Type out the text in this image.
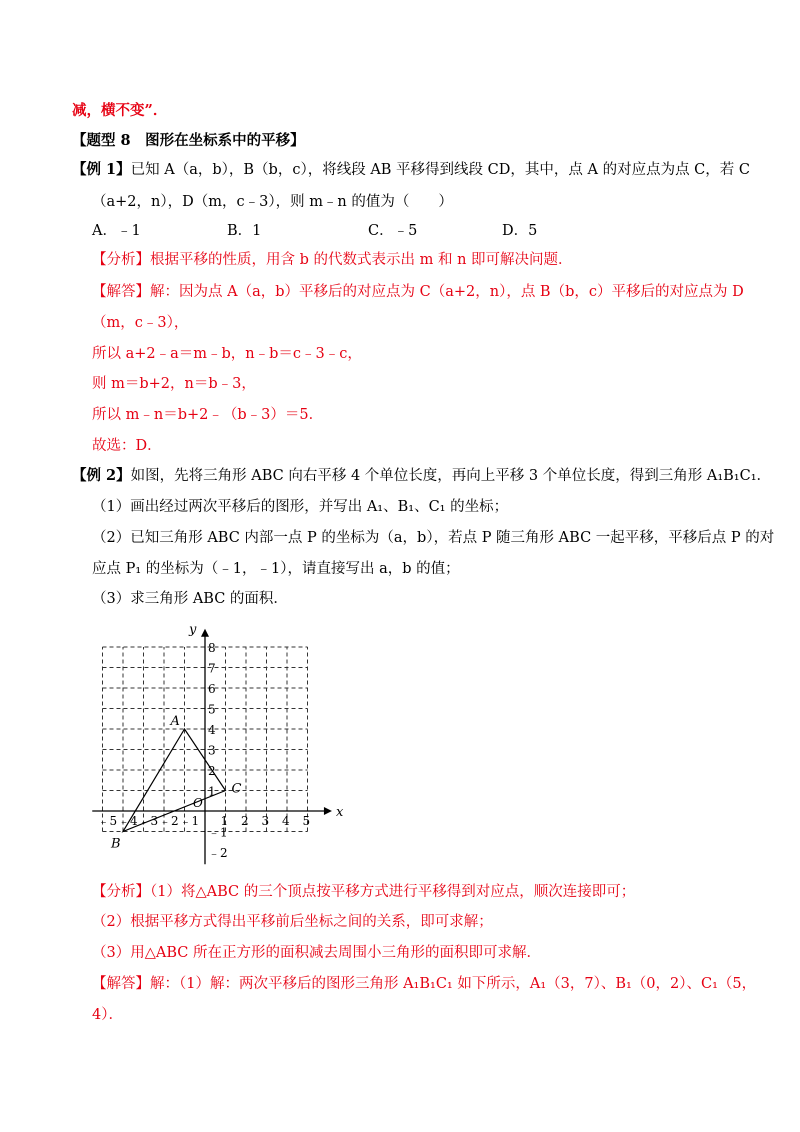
减，横不变”．
【题型 8　图形在坐标系中的平移】
【例 1】已知 A（a，b），B（b，c），将线段 AB 平移得到线段 CD，其中，点 A 的对应点为点 C，若 C
（a+2，n），D（m，c﹣3），则 m﹣n 的值为（　　）
A．﹣1	B．1	C．﹣5	D．5
【分析】根据平移的性质，用含 b 的代数式表示出 m 和 n 即可解决问题．
【解答】解：因为点 A（a，b）平移后的对应点为 C（a+2，n），点 B（b，c）平移后的对应点为 D
（m，c﹣3），
所以 a+2﹣a＝m﹣b，n﹣b＝c﹣3﹣c，
则 m＝b+2，n＝b﹣3，
所以 m﹣n＝b+2﹣（b﹣3）＝5．
故选：D．
【例 2】如图，先将三角形 ABC 向右平移 4 个单位长度，再向上平移 3 个单位长度，得到三角形 A₁B₁C₁．
（1）画出经过两次平移后的图形，并写出 A₁、B₁、C₁ 的坐标；
（2）已知三角形 ABC 内部一点 P 的坐标为（a，b），若点 P 随三角形 ABC 一起平移，平移后点 P 的对
应点 P₁ 的坐标为（﹣1，﹣1），请直接写出 a，b 的值；
（3）求三角形 ABC 的面积．
x
y
O
﹣5 ﹣4 ﹣3 ﹣2 ﹣1 1 2 3 4 5
﹣2
﹣1
1
2
3
4
5
6
7
8
A
B
C
【分析】（1）将△ABC 的三个顶点按平移方式进行平移得到对应点，顺次连接即可；
（2）根据平移方式得出平移前后坐标之间的关系，即可求解；
（3）用△ABC 所在正方形的面积减去周围小三角形的面积即可求解．
【解答】解：（1）解：两次平移后的图形三角形 A₁B₁C₁ 如下所示，A₁（3，7）、B₁（0，2）、C₁（5，
4）．
